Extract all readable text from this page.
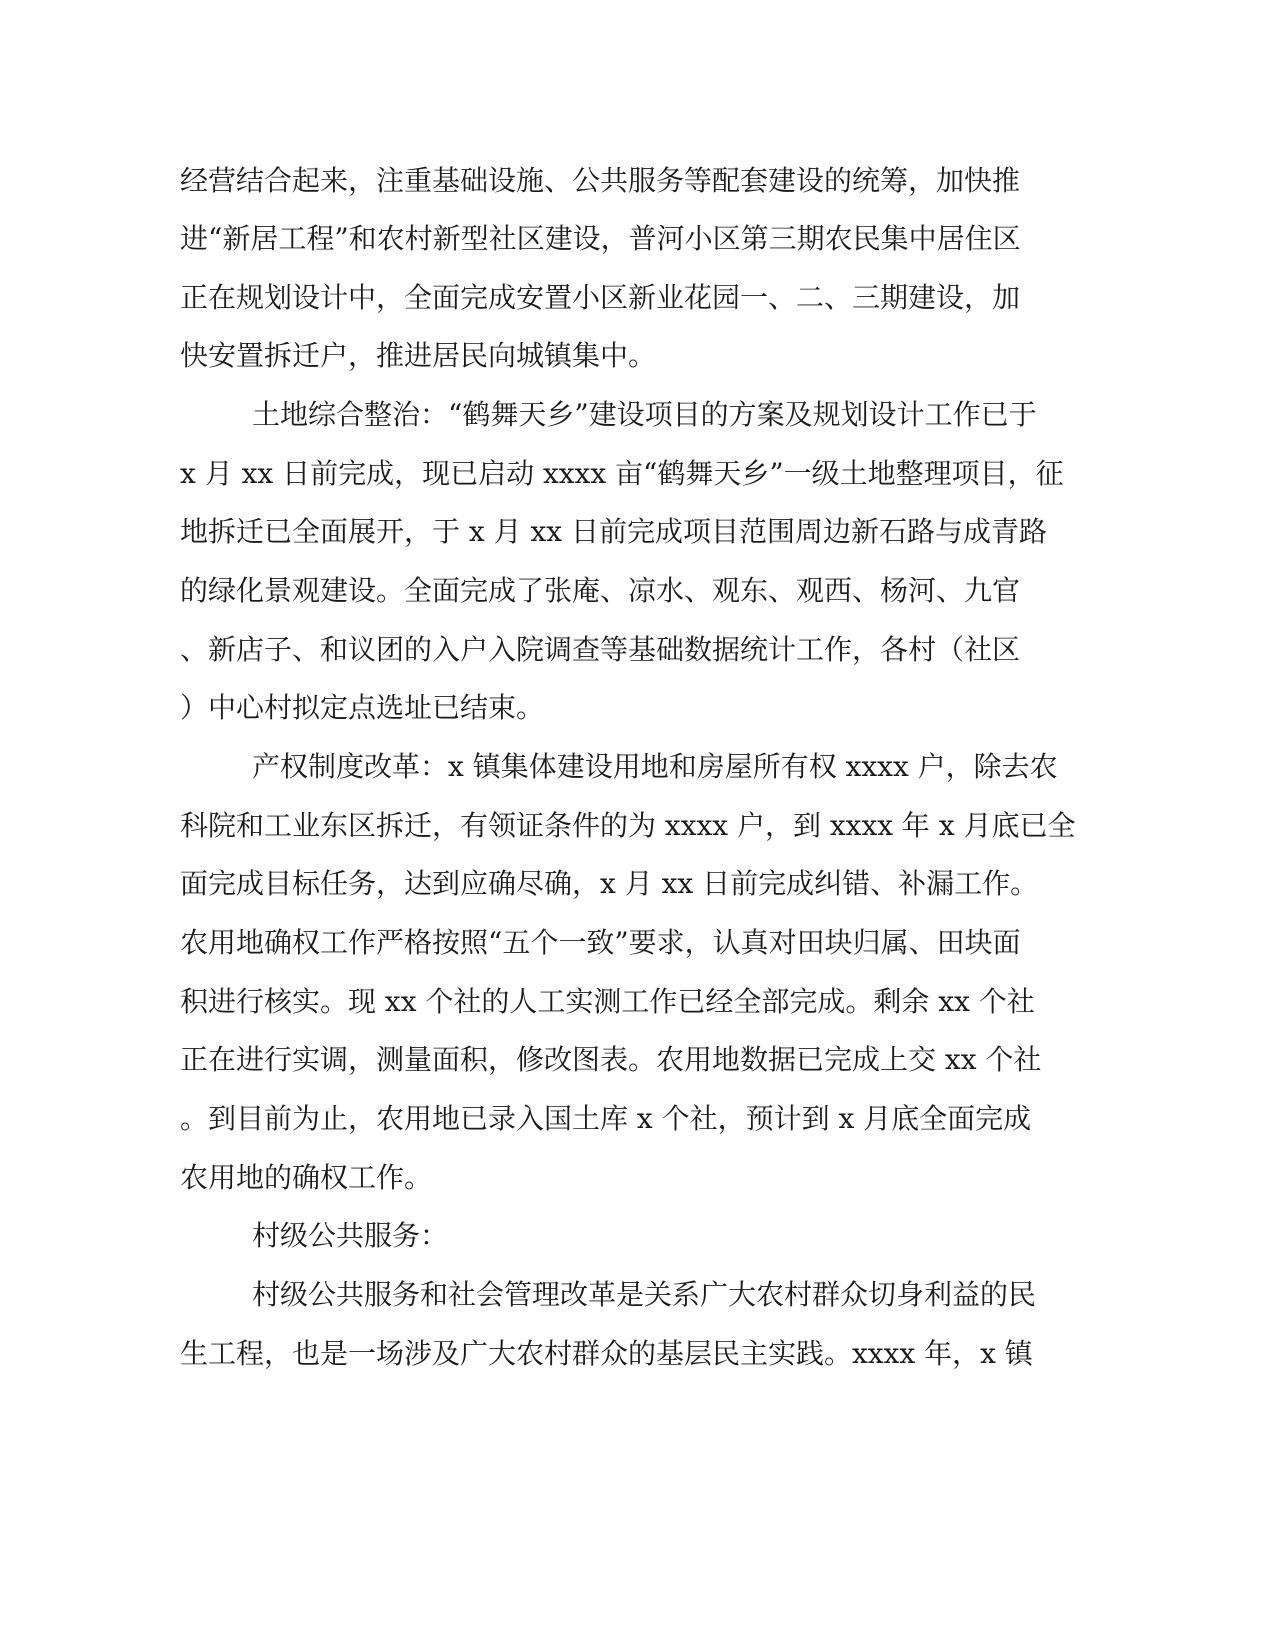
经营结合起来，注重基础设施、公共服务等配套建设的统筹，加快推
进“新居工程”和农村新型社区建设，普河小区第三期农民集中居住区
正在规划设计中，全面完成安置小区新业花园一、二、三期建设，加
快安置拆迁户，推进居民向城镇集中。
土地综合整治：“鹤舞天乡”建设项目的方案及规划设计工作已于
x 月 xx 日前完成，现已启动 xxxx 亩“鹤舞天乡”一级土地整理项目，征
地拆迁已全面展开，于 x 月 xx 日前完成项目范围周边新石路与成青路
的绿化景观建设。全面完成了张庵、凉水、观东、观西、杨河、九官
、新店子、和议团的入户入院调查等基础数据统计工作，各村（社区
）中心村拟定点选址已结束。
产权制度改革：x 镇集体建设用地和房屋所有权 xxxx 户，除去农
科院和工业东区拆迁，有领证条件的为 xxxx 户，到 xxxx 年 x 月底已全
面完成目标任务，达到应确尽确，x 月 xx 日前完成纠错、补漏工作。
农用地确权工作严格按照“五个一致”要求，认真对田块归属、田块面
积进行核实。现 xx 个社的人工实测工作已经全部完成。剩余 xx 个社
正在进行实调，测量面积，修改图表。农用地数据已完成上交 xx 个社
。到目前为止，农用地已录入国土库 x 个社，预计到 x 月底全面完成
农用地的确权工作。
村级公共服务：
村级公共服务和社会管理改革是关系广大农村群众切身利益的民
生工程，也是一场涉及广大农村群众的基层民主实践。xxxx 年，x 镇
